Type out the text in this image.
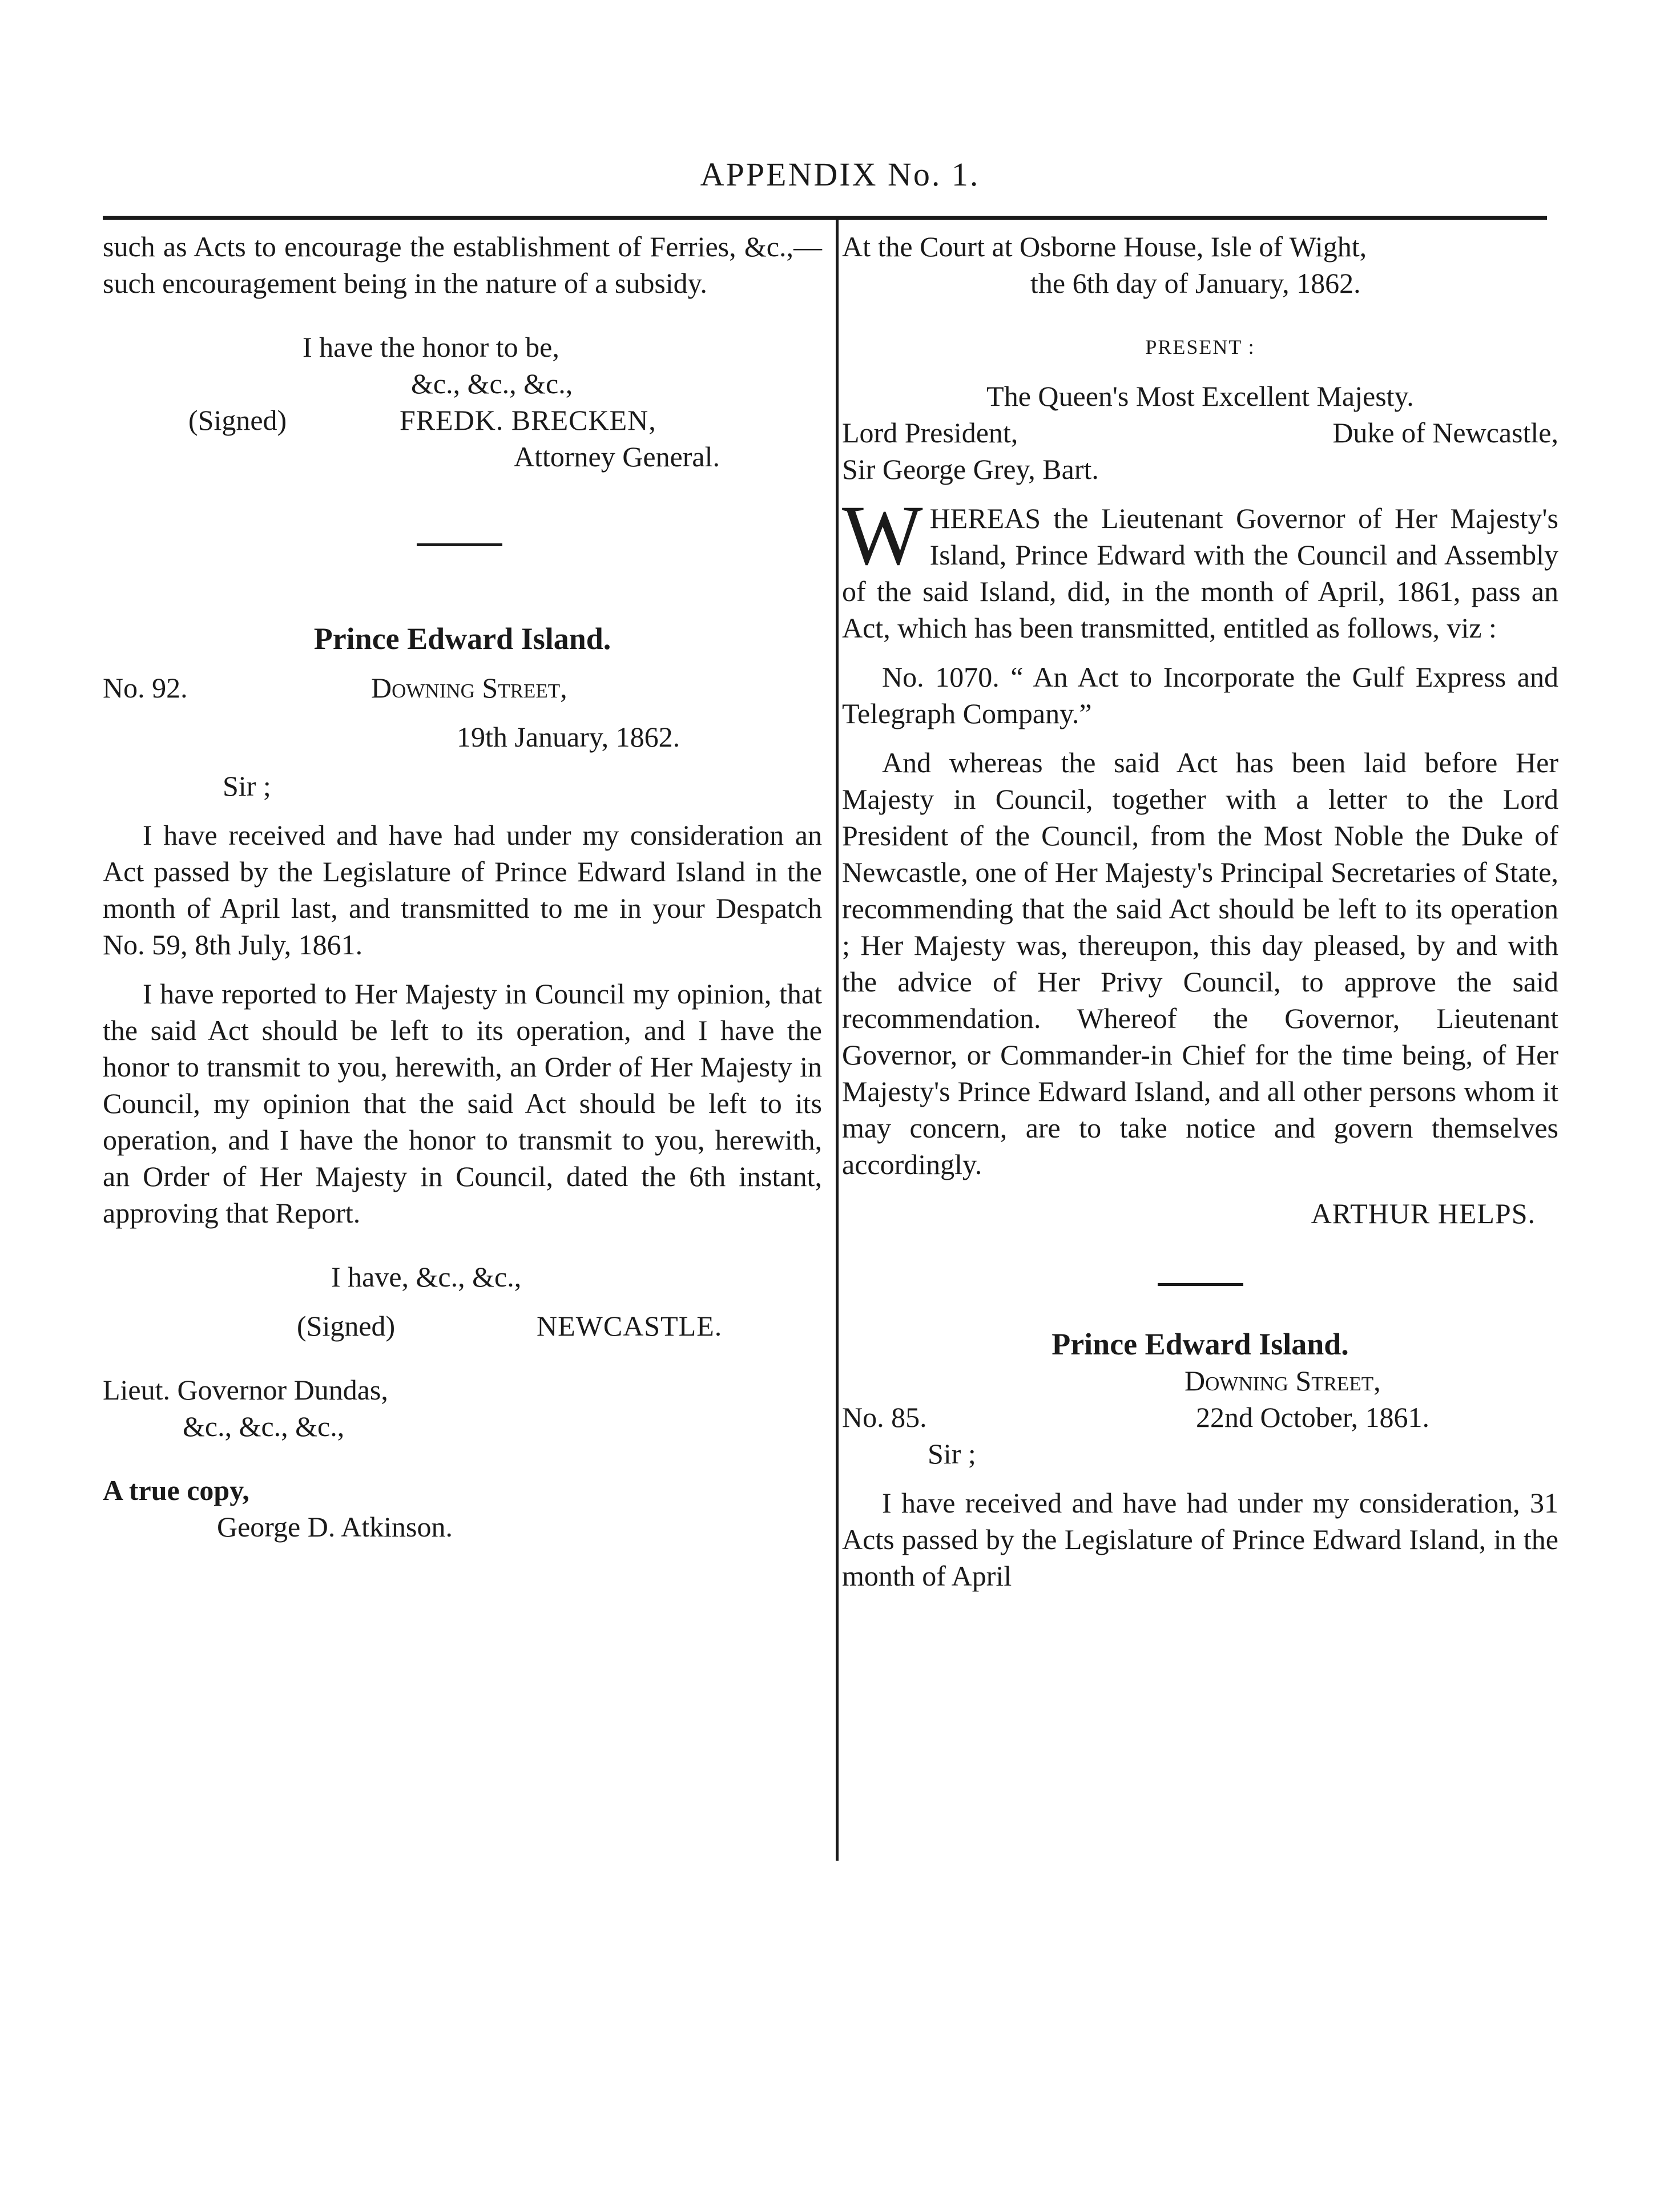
APPENDIX No. 1.

such as Acts to encourage the establishment of Ferries, &c.,— such encouragement being in the nature of a subsidy.

I have the honor to be,
&c., &c., &c.,
(Signed)	FREDK. BRECKEN,
Attorney General.
Prince Edward Island.
No. 92.	Downing Street,
19th January, 1862.
Sir ;

I have received and have had under my consideration an Act passed by the Legislature of Prince Edward Island in the month of April last, and transmitted to me in your Despatch No. 59, 8th July, 1861.

I have reported to Her Majesty in Council my opinion, that the said Act should be left to its operation, and I have the honor to transmit to you, herewith, an Order of Her Majesty in Council, my opinion that the said Act should be left to its operation, and I have the honor to transmit to you, herewith, an Order of Her Majesty in Council, dated the 6th instant, approving that Report.

I have, &c., &c.,
(Signed)	NEWCASTLE.
Lieut. Governor Dundas,
&c., &c., &c.,
A true copy,
George D. Atkinson.
At the Court at Osborne House, Isle of Wight,
the 6th day of January, 1862.
PRESENT :
The Queen's Most Excellent Majesty.
Lord President,	Duke of Newcastle,
Sir George Grey, Bart.

WHEREAS the Lieutenant Governor of Her Majesty's Island, Prince Edward with the Council and Assembly of the said Island, did, in the month of April, 1861, pass an Act, which has been transmitted, entitled as follows, viz :

No. 1070. “ An Act to Incorporate the Gulf Express and Telegraph Company.”

And whereas the said Act has been laid before Her Majesty in Council, together with a letter to the Lord President of the Council, from the Most Noble the Duke of Newcastle, one of Her Majesty's Principal Secretaries of State, recommending that the said Act should be left to its operation ; Her Majesty was, thereupon, this day pleased, by and with the advice of Her Privy Council, to approve the said recommendation. Whereof the Governor, Lieutenant Governor, or Commander-in Chief for the time being, of Her Majesty's Prince Edward Island, and all other persons whom it may concern, are to take notice and govern themselves accordingly.

ARTHUR HELPS.
Prince Edward Island.
Downing Street,
No. 85.	22nd October, 1861.
Sir ;

I have received and have had under my consideration, 31 Acts passed by the Legislature of Prince Edward Island, in the month of April
